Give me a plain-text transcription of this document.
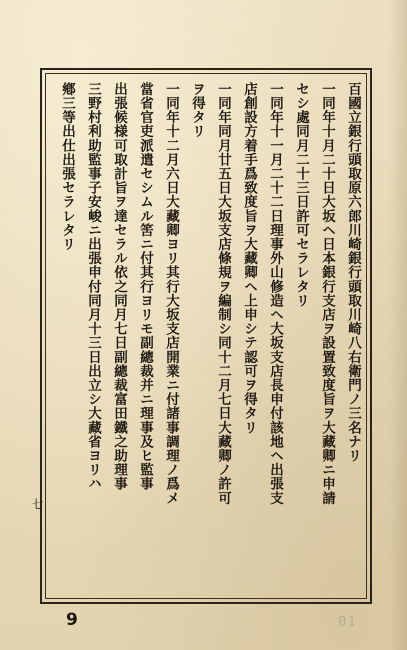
百國立銀行頭取原六郎川崎銀行頭取川崎八右衛門ノ三名ナリ
一同年十月二十日大坂ヘ日本銀行支店ヲ設置致度旨ヲ大藏卿ニ申請
セシ處同月二十三日許可セラレタリ
一同年十一月二十二日理事外山修造ヘ大坂支店長申付該地ヘ出張支
店創設方着手爲致度旨ヲ大藏卿ヘ上申シテ認可ヲ得タリ
一同年同月廿五日大坂支店條規ヲ編制シ同十二月七日大藏卿ノ許可
ヲ得タリ
一同年十二月六日大藏卿ヨリ其行大坂支店開業ニ付諸事調理ノ爲メ
當省官吏派遣セシムル筈ニ付其行ヨリモ副總裁并ニ理事及ヒ監事
出張候様可取計旨ヲ達セラル依之同月七日副總裁富田鐵之助理事
三野村利助監事子安峻ニ出張申付同月十三日出立シ大藏省ヨリハ
鄕三等出仕出張セラレタリ
七
9	01
